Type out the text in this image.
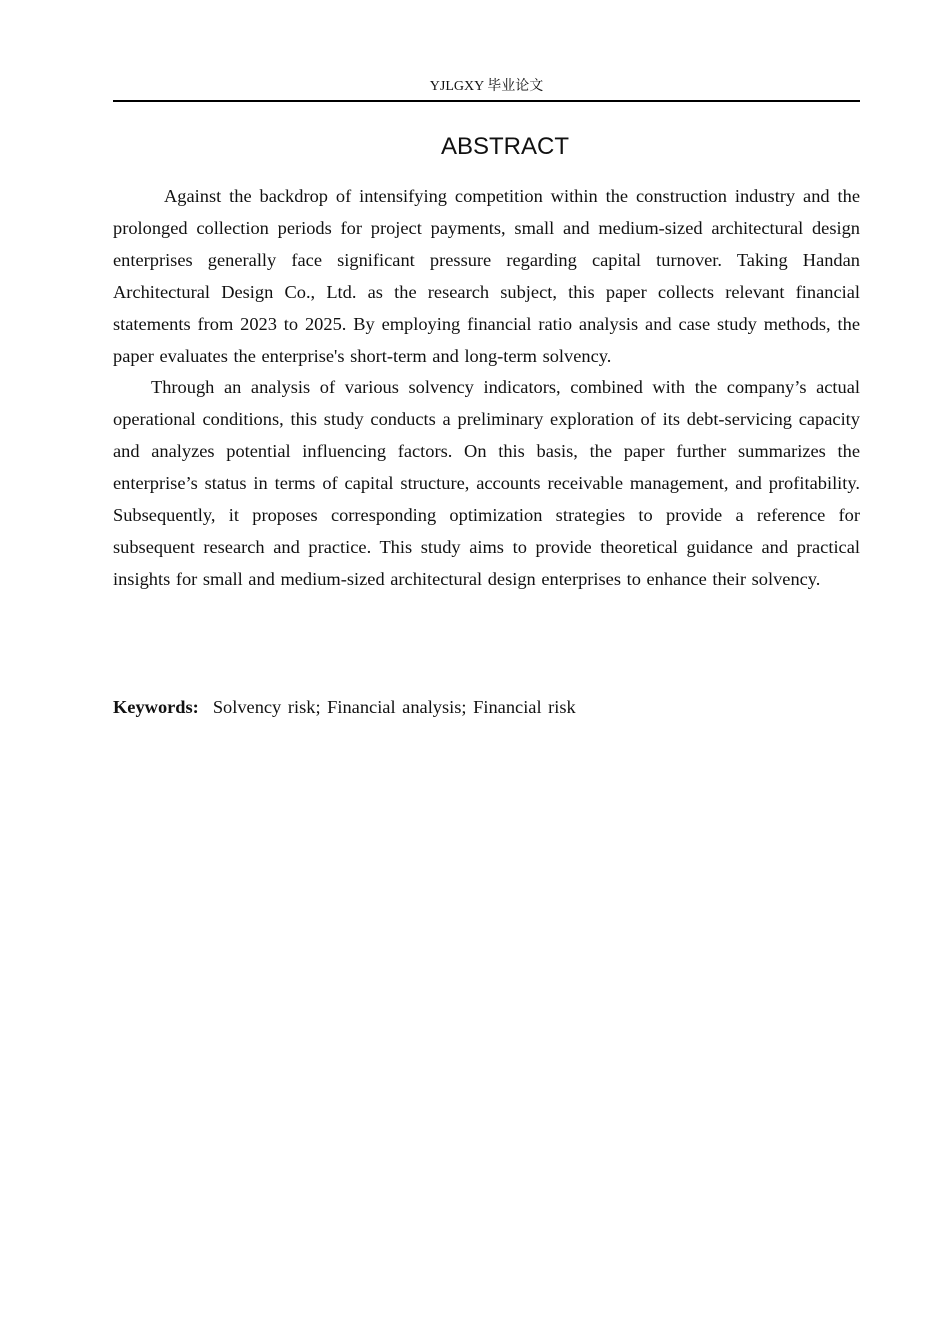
YJLGXY 毕业论文
ABSTRACT

Against the backdrop of intensifying competition within the construction industry and the prolonged collection periods for project payments, small and medium-sized architectural design enterprises generally face significant pressure regarding capital turnover. Taking Handan Architectural Design Co., Ltd. as the research subject, this paper collects relevant financial statements from 2023 to 2025. By employing financial ratio analysis and case study methods, the paper evaluates the enterprise's short-term and long-term solvency.

Through an analysis of various solvency indicators, combined with the company’s actual operational conditions, this study conducts a preliminary exploration of its debt-servicing capacity and analyzes potential influencing factors. On this basis, the paper further summarizes the enterprise’s status in terms of capital structure, accounts receivable management, and profitability. Subsequently, it proposes corresponding optimization strategies to provide a reference for subsequent research and practice. This study aims to provide theoretical guidance and practical insights for small and medium-sized architectural design enterprises to enhance their solvency.

Keywords: Solvency risk; Financial analysis; Financial risk
